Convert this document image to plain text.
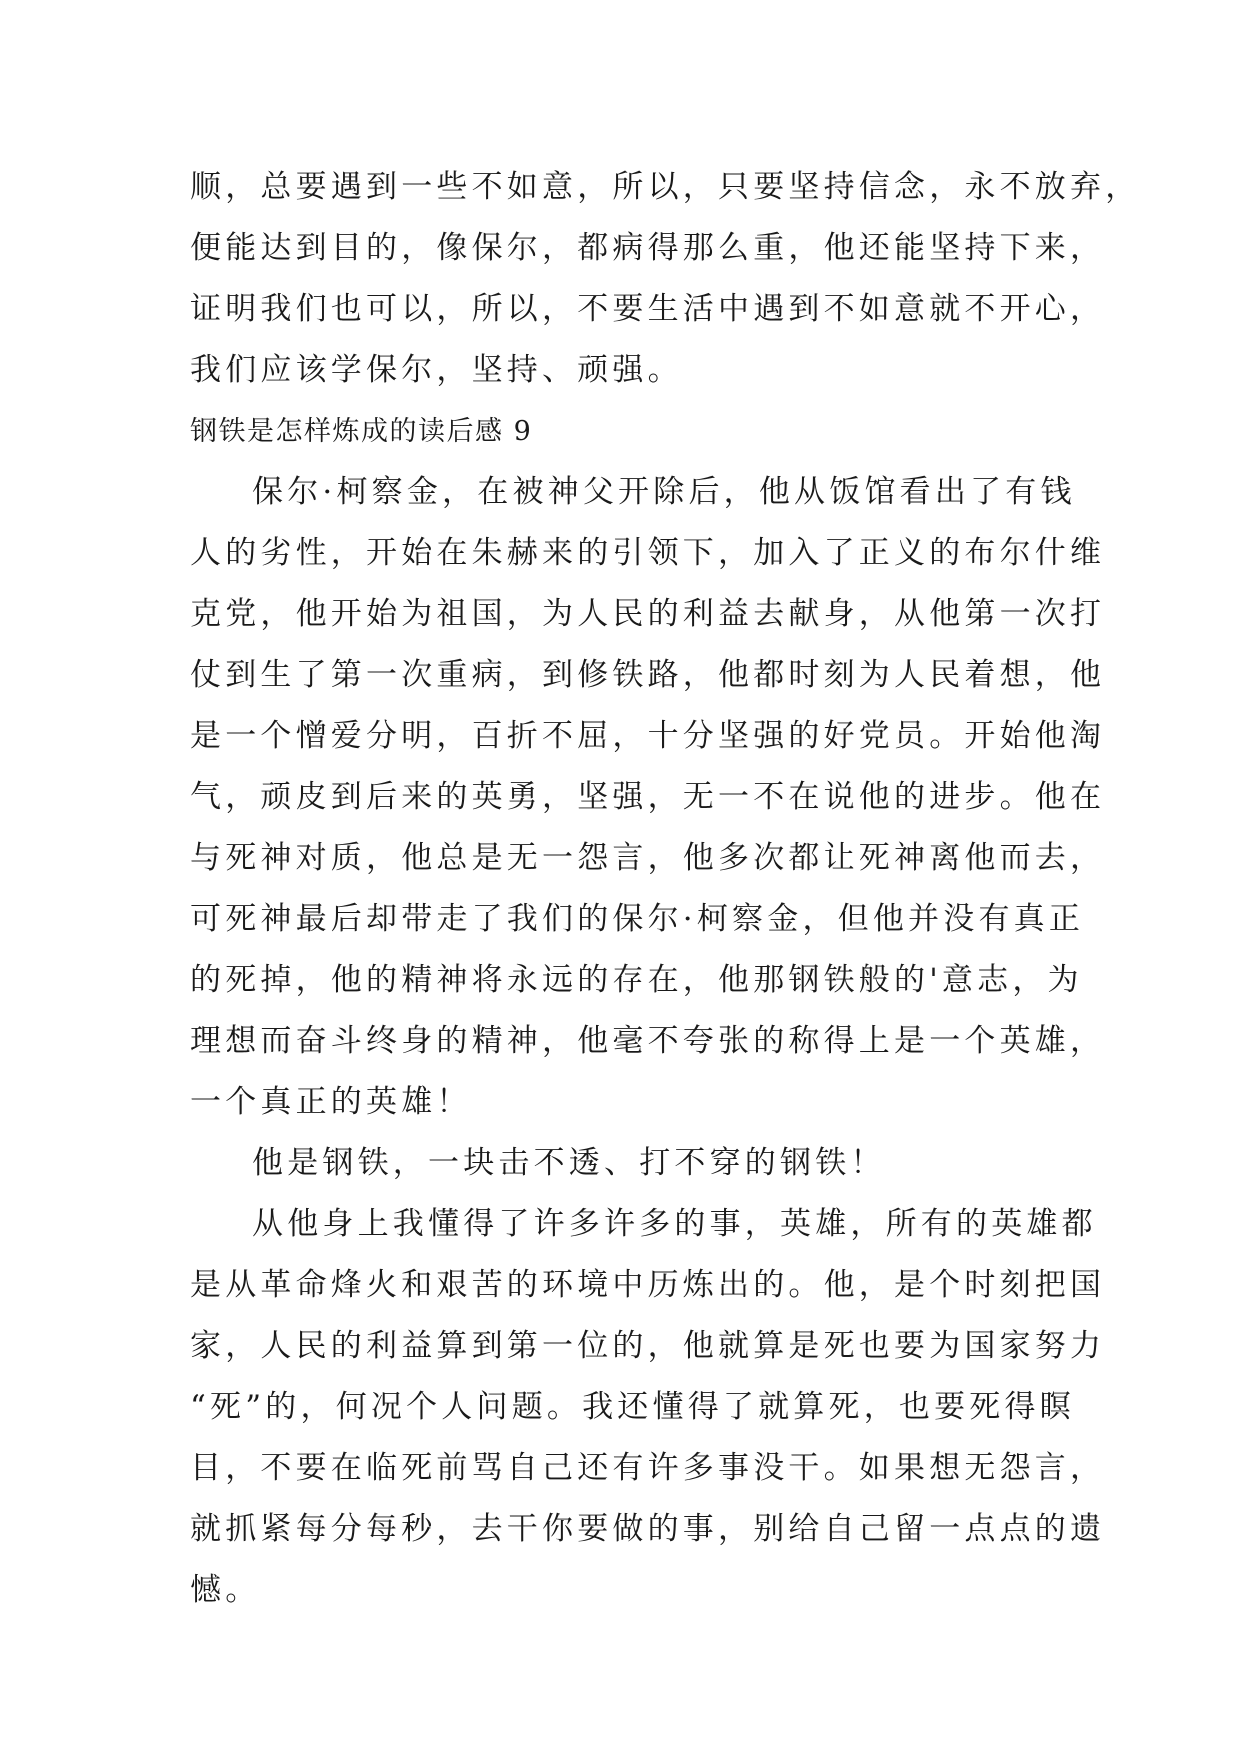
顺，总要遇到一些不如意，所以，只要坚持信念，永不放弃，
便能达到目的，像保尔，都病得那么重，他还能坚持下来，
证明我们也可以，所以，不要生活中遇到不如意就不开心，
我们应该学保尔，坚持、顽强。
钢铁是怎样炼成的读后感 9
保尔·柯察金，在被神父开除后，他从饭馆看出了有钱
人的劣性，开始在朱赫来的引领下，加入了正义的布尔什维
克党，他开始为祖国，为人民的利益去献身，从他第一次打
仗到生了第一次重病，到修铁路，他都时刻为人民着想，他
是一个憎爱分明，百折不屈，十分坚强的好党员。开始他淘
气，顽皮到后来的英勇，坚强，无一不在说他的进步。他在
与死神对质，他总是无一怨言，他多次都让死神离他而去，
可死神最后却带走了我们的保尔·柯察金，但他并没有真正
的死掉，他的精神将永远的存在，他那钢铁般的'意志，为
理想而奋斗终身的精神，他毫不夸张的称得上是一个英雄，
一个真正的英雄！
他是钢铁，一块击不透、打不穿的钢铁！
从他身上我懂得了许多许多的事，英雄，所有的英雄都
是从革命烽火和艰苦的环境中历炼出的。他，是个时刻把国
家，人民的利益算到第一位的，他就算是死也要为国家努力
“死”的，何况个人问题。我还懂得了就算死，也要死得瞑
目，不要在临死前骂自己还有许多事没干。如果想无怨言，
就抓紧每分每秒，去干你要做的事，别给自己留一点点的遗
憾。
